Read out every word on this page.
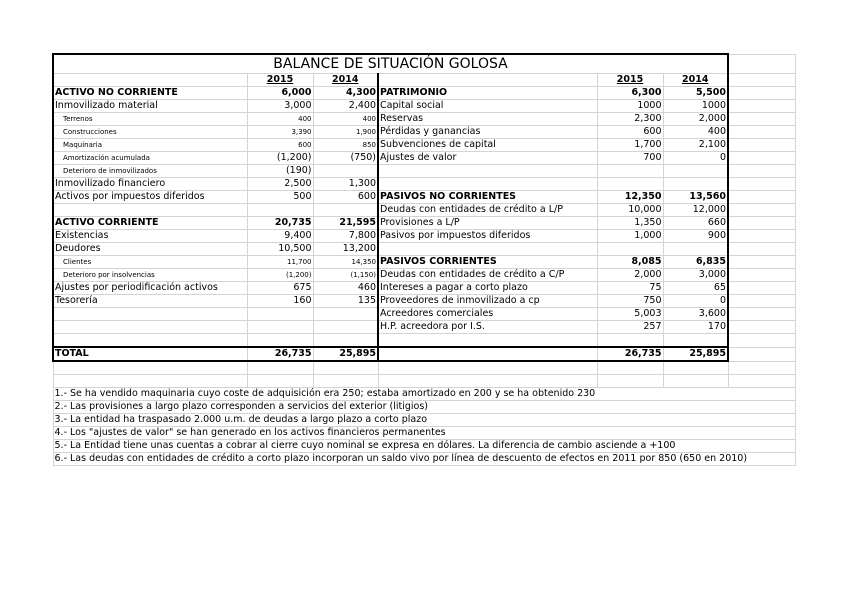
BALANCE DE SITUACIÓN GOLOSA						
	2015	2014		2015	2014	
ACTIVO NO CORRIENTE	6,000	4,300	PATRIMONIO	6,300	5,500	
Inmovilizado material	3,000	2,400	Capital social	1000	1000	
Terrenos	400	400	Reservas	2,300	2,000	
Construcciones	3,390	1,900	Pérdidas y ganancias	600	400	
Maquinaria	600	850	Subvenciones de capital	1,700	2,100	
Amortización acumulada	(1,200)	(750)	Ajustes de valor	700	0	
Deterioro de inmovilizados	(190)					
Inmovilizado financiero	2,500	1,300				
Activos por impuestos diferidos	500	600	PASIVOS NO CORRIENTES	12,350	13,560	
			Deudas con entidades de crédito a L/P	10,000	12,000	
ACTIVO CORRIENTE	20,735	21,595	Provisiones a L/P	1,350	660	
Existencias	9,400	7,800	Pasivos por impuestos diferidos	1,000	900	
Deudores	10,500	13,200				
Clientes	11,700	14,350	PASIVOS CORRIENTES	8,085	6,835	
Deterioro por insolvencias	(1,200)	(1,150)	Deudas con entidades de crédito a C/P	2,000	3,000	
Ajustes por periodificación activos	675	460	Intereses a pagar a corto plazo	75	65	
Tesorería	160	135	Proveedores de inmovilizado a cp	750	0	
			Acreedores comerciales	5,003	3,600	
			H.P. acreedora por I.S.	257	170	

TOTAL	26,735	25,895		26,735	25,895	

1.- Se ha vendido maquinaria cuyo coste de adquisición era 250; estaba amortizado en 200 y se ha obtenido 230						
2.- Las provisiones a largo plazo corresponden a servicios del exterior (litigios)						
3.- La entidad ha traspasado 2.000 u.m. de deudas a largo plazo a corto plazo						
4.- Los "ajustes de valor" se han generado en los activos financieros permanentes						
5.- La Entidad tiene unas cuentas a cobrar al cierre cuyo nominal se expresa en dólares. La diferencia de cambio asciende a +100						
6.- Las deudas con entidades de crédito a corto plazo incorporan un saldo vivo por línea de descuento de efectos en 2011 por 850 (650 en 2010)						
